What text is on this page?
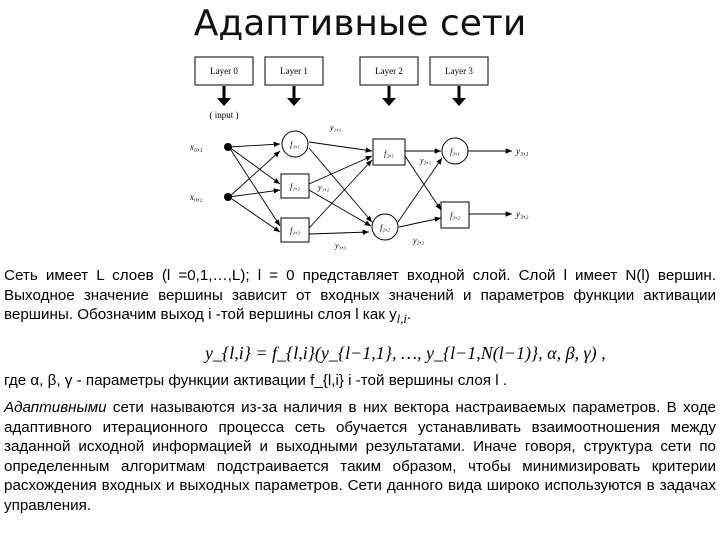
Адаптивные сети
Layer 0	Layer 1	Layer 2	Layer 3
( input )
x₀,₁
x₀,₂
f₁,₁
f₁,₂
f₁,₃
f₂,₁
f₂,₂
f₃,₁
f₃,₂
y₁,₁
y₁,₂
y₁,₃
y₂,₁
y₂,₂
y₃,₁
y₃,₂

Сеть имеет L слоев (l =0,1,…,L); l = 0 представляет входной слой. Слой l имеет N(l) вершин. Выходное значение вершины зависит от входных значений и параметров функции активации вершины. Обозначим выход i -той вершины слоя l как $y_{l,i}$.

y_{l,i} = f_{l,i}(y_{l−1,1}, …, y_{l−1,N(l−1)}, α, β, γ) ,
где α, β, γ - параметры функции активации f_{l,i} i -той вершины слоя l .

Адаптивными сети называются из-за наличия в них вектора настраиваемых параметров. В ходе адаптивного итерационного процесса сеть обучается устанавливать взаимоотношения между заданной исходной информацией и выходными результатами. Иначе говоря, структура сети по определенным алгоритмам подстраивается таким образом, чтобы минимизировать критерии расхождения входных и выходных параметров. Сети данного вида широко используются в задачах управления.
